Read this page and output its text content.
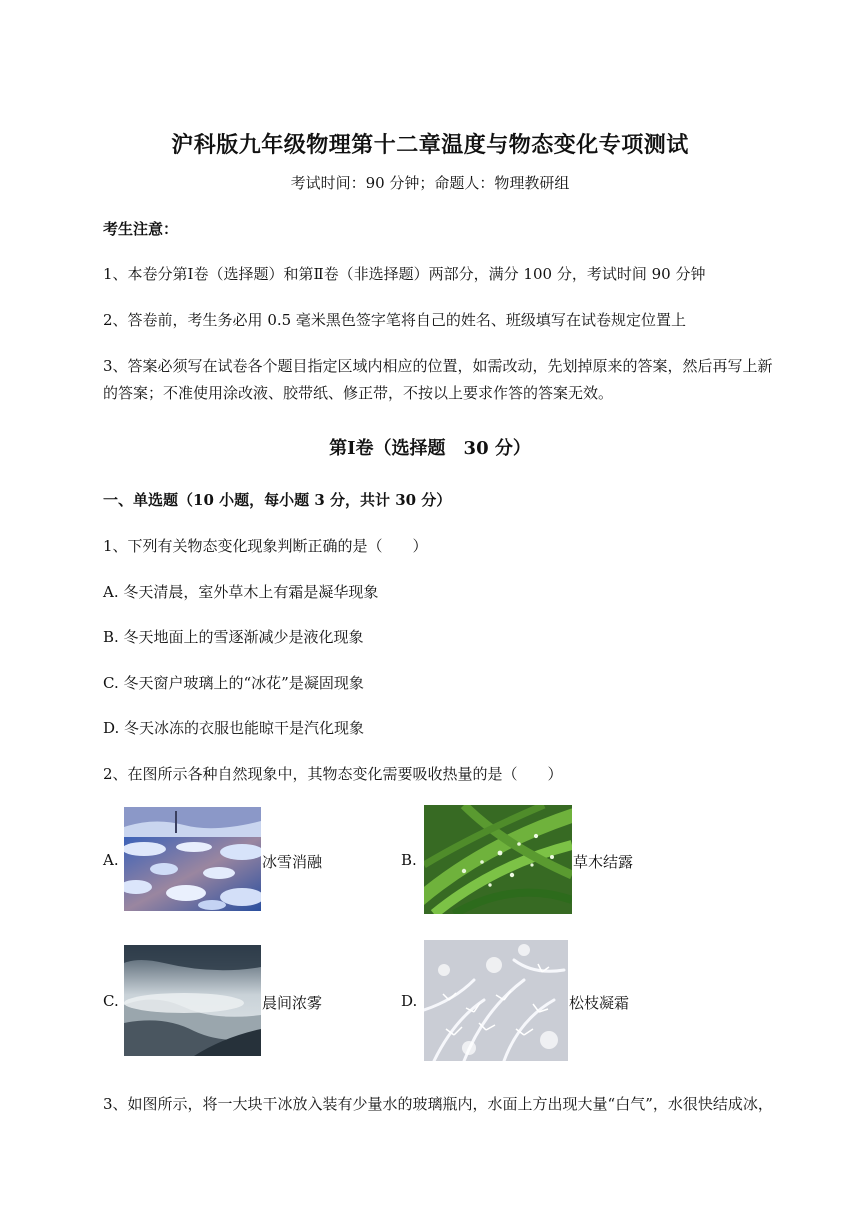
沪科版九年级物理第十二章温度与物态变化专项测试
考试时间：90 分钟；命题人：物理教研组
考生注意：
1、本卷分第Ⅰ卷（选择题）和第Ⅱ卷（非选择题）两部分，满分 100 分，考试时间 90 分钟
2、答卷前，考生务必用 0.5 毫米黑色签字笔将自己的姓名、班级填写在试卷规定位置上
3、答案必须写在试卷各个题目指定区域内相应的位置，如需改动，先划掉原来的答案，然后再写上新
的答案；不准使用涂改液、胶带纸、修正带，不按以上要求作答的答案无效。
第Ⅰ卷（选择题　30 分）
一、单选题（10 小题，每小题 3 分，共计 30 分）
1、下列有关物态变化现象判断正确的是（　　）
A. 冬天清晨，室外草木上有霜是凝华现象
B. 冬天地面上的雪逐渐减少是液化现象
C. 冬天窗户玻璃上的“冰花”是凝固现象
D. 冬天冰冻的衣服也能晾干是汽化现象
2、在图所示各种自然现象中，其物态变化需要吸收热量的是（　　）
A.	冰雪消融	B.	草木结露
C.	晨间浓雾	D.	松枝凝霜
3、如图所示，将一大块干冰放入装有少量水的玻璃瓶内，水面上方出现大量“白气”，水很快结成冰，
